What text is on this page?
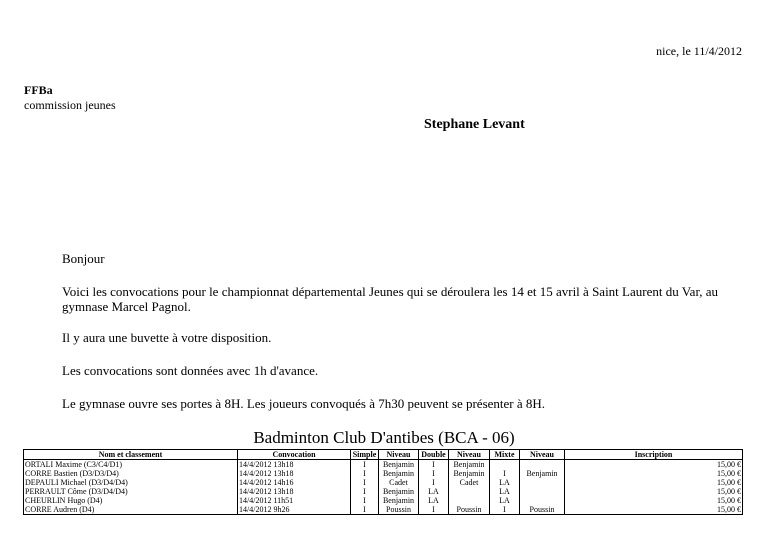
nice, le 11/4/2012
FFBa
commission jeunes
Stephane Levant

Bonjour

Voici les convocations pour le championnat départemental Jeunes qui se déroulera les 14 et 15 avril à Saint Laurent du Var, au gymnase Marcel Pagnol.

Il y aura une buvette à votre disposition.

Les convocations sont données avec 1h d'avance.

Le gymnase ouvre ses portes à 8H. Les joueurs convoqués à 7h30 peuvent se présenter à 8H.

Badminton Club D'antibes (BCA - 06)
Nom et classement	Convocation	Simple	Niveau	Double	Niveau	Mixte	Niveau	Inscription
ORTALI Maxime (C3/C4/D1)	14/4/2012 13h18	I	Benjamin	I	Benjamin			15,00 €
CORRE Bastien (D3/D3/D4)	14/4/2012 13h18	I	Benjamin	I	Benjamin	I	Benjamin	15,00 €
DEPAULI Michael (D3/D4/D4)	14/4/2012 14h16	I	Cadet	I	Cadet	LA		15,00 €
PERRAULT Côme (D3/D4/D4)	14/4/2012 13h18	I	Benjamin	LA		LA		15,00 €
CHEURLIN Hugo (D4)	14/4/2012 11h51	I	Benjamin	LA		LA		15,00 €
CORRE Audren (D4)	14/4/2012 9h26	I	Poussin	I	Poussin	I	Poussin	15,00 €
